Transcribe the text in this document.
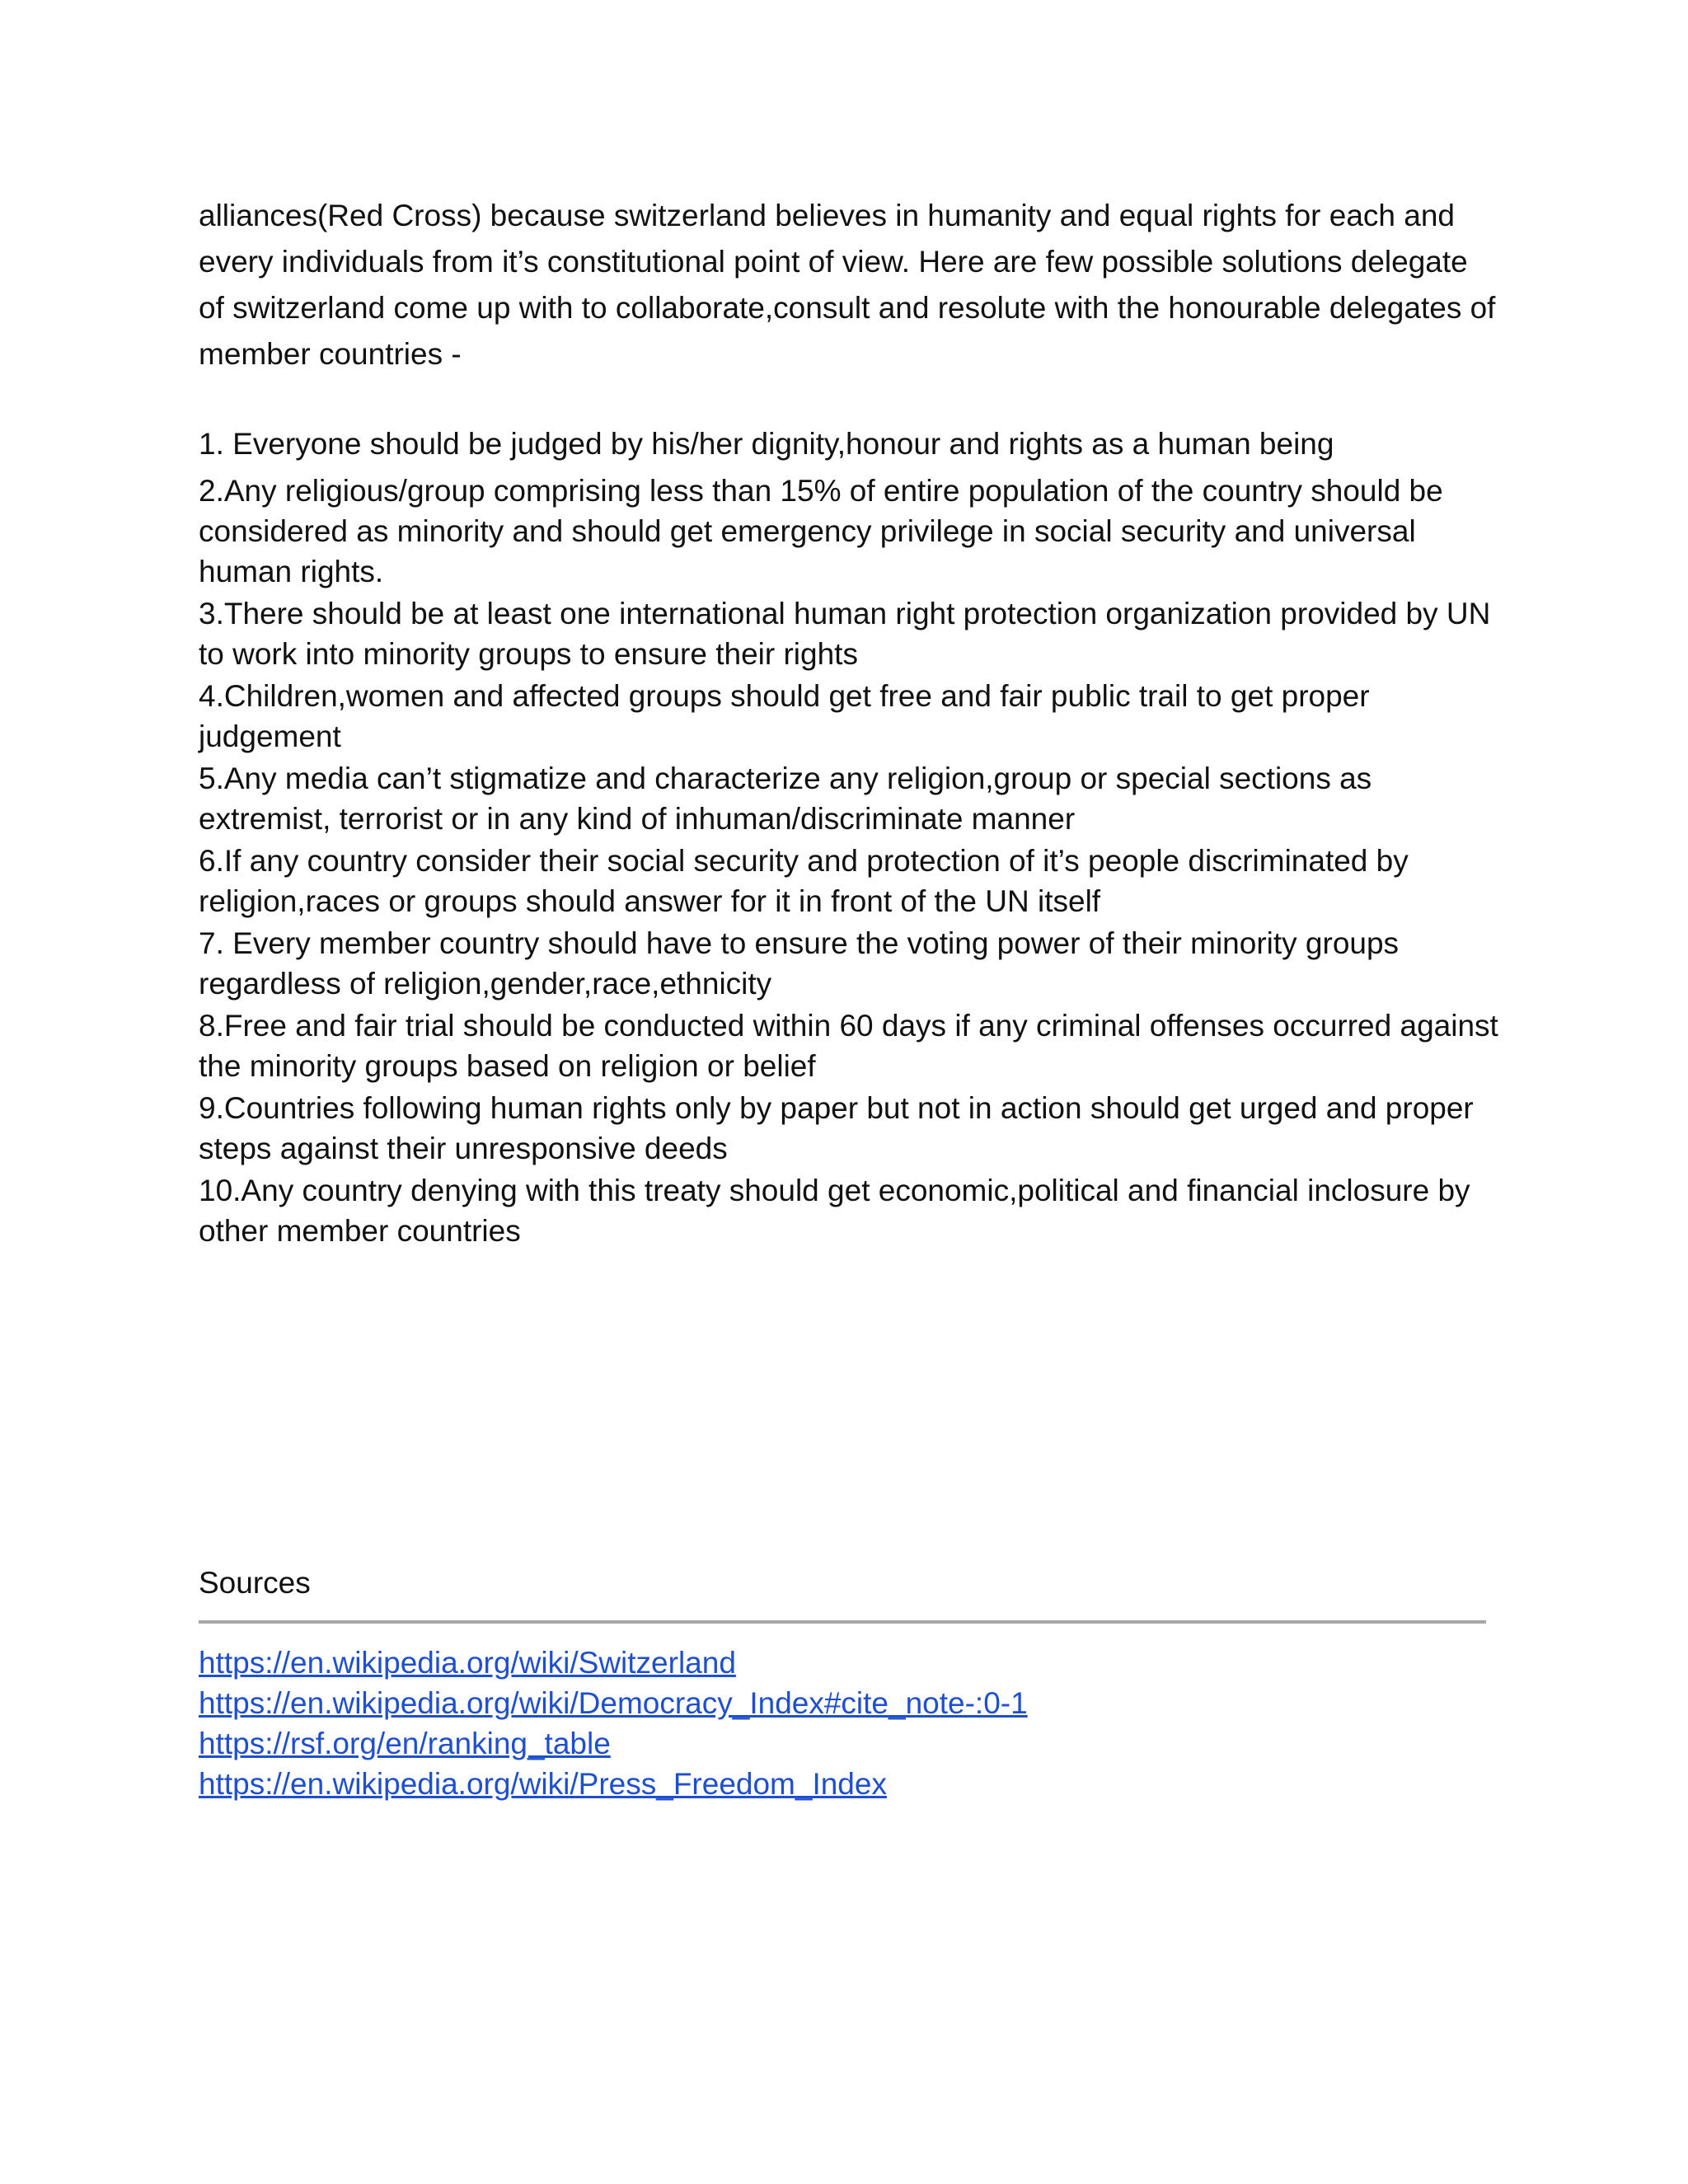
alliances(Red Cross) because switzerland believes in humanity and equal rights for each and every individuals from it’s constitutional point of view. Here are few possible solutions delegate of switzerland come up with to collaborate,consult and resolute with the honourable delegates of member countries -

1. Everyone should be judged by his/her dignity,honour and rights as a human being
2.Any religious/group comprising less than 15% of entire population of the country should be considered as minority and should get emergency privilege in social security and universal human rights.
3.There should be at least one international human right protection organization provided by UN to work into minority groups to ensure their rights
4.Children,women and affected groups should get free and fair public trail to get proper judgement
5.Any media can’t stigmatize and characterize any religion,group or special sections as extremist, terrorist or in any kind of inhuman/discriminate manner
6.If any country consider their social security and protection of it’s people discriminated by religion,races or groups should answer for it in front of the UN itself
7. Every member country should have to ensure the voting power of their minority groups regardless of religion,gender,race,ethnicity
8.Free and fair trial should be conducted within 60 days if any criminal offenses occurred against the minority groups based on religion or belief
9.Countries following human rights only by paper but not in action should get urged and proper steps against their unresponsive deeds
10.Any country denying with this treaty should get economic,political and financial inclosure by other member countries
Sources
https://en.wikipedia.org/wiki/Switzerland
https://en.wikipedia.org/wiki/Democracy_Index#cite_note-:0-1
https://rsf.org/en/ranking_table
https://en.wikipedia.org/wiki/Press_Freedom_Index
